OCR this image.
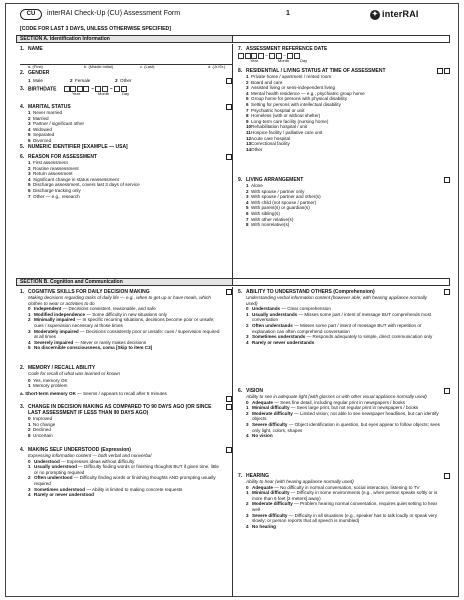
CU	interRAI Check-Up (CU) Assessment Form	1	✦ interRAI
[CODE FOR LAST 3 DAYS, UNLESS OTHERWISE SPECIFIED]
SECTION A. Identification Information
1. NAME
a. (First)	b. (Middle initial)	c. (Last)	d. (Jr./Sr.)
2. GENDER
1 Male	2 Female	3 Other
3. BIRTHDATE	–	–
Year	Month	Day
4. MARITAL STATUS
1 Never married
2 Married
3 Partner / significant other
4 Widowed
5 Separated
6 Divorced
5. NUMERIC IDENTIFIER [EXAMPLE — USA]
6. REASON FOR ASSESSMENT
1 First assessment
2 Routine reassessment
3 Return assessment
4 Significant change in status reassessment
5 Discharge assessment, covers last 3 days of service
6 Discharge tracking only
7 Other — e.g., research
7. ASSESSMENT REFERENCE DATE
–	–
Year	Month	Day
8. RESIDENTIAL / LIVING STATUS AT TIME OF ASSESSMENT
1 Private home / apartment / rented room
2 Board and care
3 Assisted living or semi-independent living
4 Mental health residence — e.g., psychiatric group home
5 Group home for persons with physical disability
6 Setting for persons with intellectual disability
7 Psychiatric hospital or unit
8 Homeless (with or without shelter)
9 Long-term care facility (nursing home)
10Rehabilitation hospital / unit
11Hospice facility / palliative care unit
12Acute care hospital
13Correctional facility
14Other
9. LIVING ARRANGEMENT
1 Alone
2 With spouse / partner only
3 With spouse / partner and other(s)
4 With child (not spouse / partner)
5 With parent(s) or guardian(s)
6 With sibling(s)
7 With other relative(s)
8 With nonrelative(s)
SECTION B. Cognition and Communication
1. COGNITIVE SKILLS FOR DAILY DECISION MAKING
Making decisions regarding tasks of daily life — e.g., when to get up or have meals, which clothes to wear or activities to do
0 Independent — Decisions consistent, reasonable, and safe
1 Modified independence — Some difficulty in new situations only
2 Minimally impaired — In specific recurring situations, decisions become poor or unsafe; cues / supervision necessary at those times
3 Moderately impaired — Decisions consistently poor or unsafe; cues / supervision required at all times
4 Severely impaired — Never or rarely makes decisions
5 No discernible consciousness, coma [Skip to item C3]
2. MEMORY / RECALL ABILITY
Code for recall of what was learned or known
0 Yes, memory OK
1 Memory problem
a. Short-term memory OK — Seems / appears to recall after 5 minutes
3. CHANGE IN DECISION MAKING AS COMPARED TO 90 DAYS AGO (OR SINCE LAST ASSESSMENT IF LESS THAN 90 DAYS AGO)
0 Improved
1 No change
2 Declined
8 Uncertain
4. MAKING SELF UNDERSTOOD (Expression)
Expressing information content — both verbal and nonverbal
0 Understood — Expresses ideas without difficulty
1 Usually understood — Difficulty finding words or finishing thoughts BUT if given time, little or no prompting required
2 Often understood — Difficulty finding words or finishing thoughts AND prompting usually required
3 Sometimes understood — Ability is limited to making concrete requests
4 Rarely or never understood
5. ABILITY TO UNDERSTAND OTHERS (Comprehension)
Understanding verbal information content (however able; with hearing appliance normally used)
0 Understands — Clear comprehension
1 Usually understands — Misses some part / intent of message BUT comprehends most conversation
2 Often understands — Misses some part / intent of message BUT with repetition or explanation can often comprehend conversation
3 Sometimes understands — Responds adequately to simple, direct communication only
4 Rarely or never understands
6. VISION
Ability to see in adequate light (with glasses or with other visual appliance normally used)
0 Adequate — Sees fine detail, including regular print in newspapers / books
1 Minimal difficulty — Sees large print, but not regular print in newspapers / books
2 Moderate difficulty — Limited vision; not able to see newspaper headlines, but can identify objects
3 Severe difficulty — Object identification in question, but eyes appear to follow objects; sees only light, colors, shapes
4 No vision
7. HEARING
Ability to hear (with hearing appliance normally used)
0 Adequate — No difficulty in normal conversation, social interaction, listening to TV
1 Minimal difficulty — Difficulty in some environments (e.g., when person speaks softly or is more than 6 feet [2 meters] away)
2 Moderate difficulty — Problem hearing normal conversation, requires quiet setting to hear well
3 Severe difficulty — Difficulty in all situations (e.g., speaker has to talk loudly or speak very slowly; or person reports that all speech is mumbled)
4 No hearing
